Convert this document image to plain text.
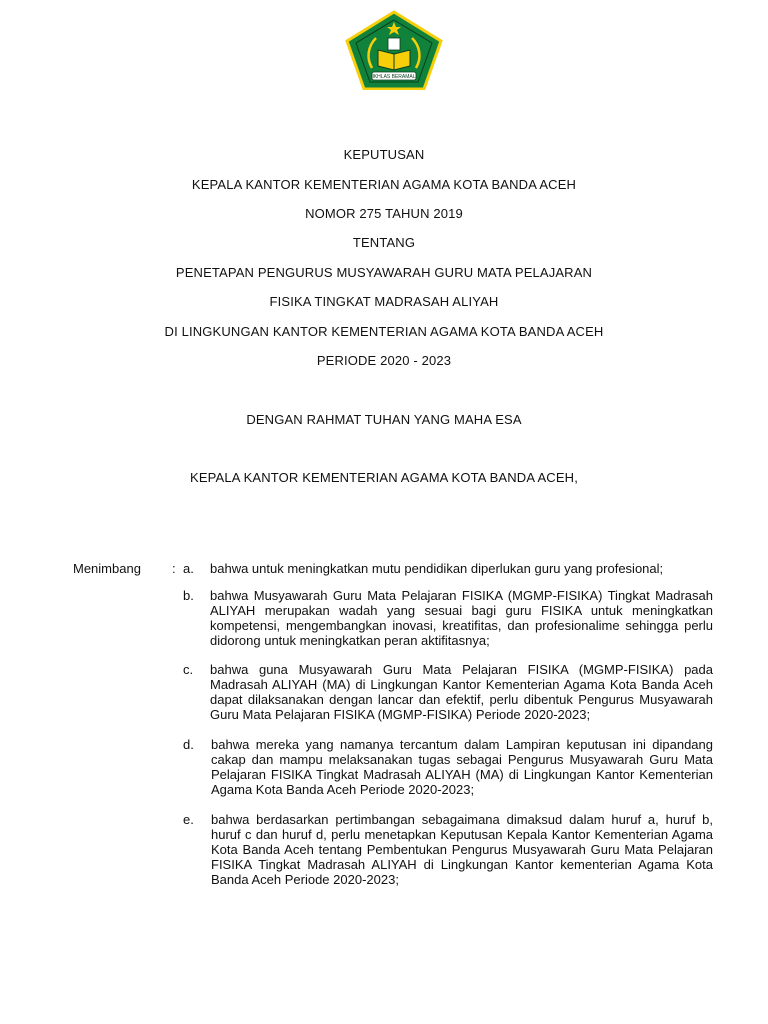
IKHLAS BERAMAL
KEPUTUSAN
KEPALA KANTOR KEMENTERIAN AGAMA KOTA BANDA ACEH
NOMOR 275 TAHUN 2019
TENTANG
PENETAPAN PENGURUS MUSYAWARAH GURU MATA PELAJARAN
FISIKA TINGKAT MADRASAH ALIYAH
DI LINGKUNGAN KANTOR KEMENTERIAN AGAMA KOTA BANDA ACEH
PERIODE 2020 - 2023
DENGAN RAHMAT TUHAN YANG MAHA ESA
KEPALA KANTOR KEMENTERIAN AGAMA KOTA BANDA ACEH,
Menimbang : a. bahwa untuk meningkatkan mutu pendidikan diperlukan guru yang profesional;
b. bahwa Musyawarah Guru Mata Pelajaran FISIKA (MGMP-FISIKA) Tingkat Madrasah ALIYAH merupakan wadah yang sesuai bagi guru FISIKA untuk meningkatkan kompetensi, mengembangkan inovasi, kreatifitas, dan profesionalime sehingga perlu didorong untuk meningkatkan peran aktifitasnya;
c. bahwa guna Musyawarah Guru Mata Pelajaran FISIKA (MGMP-FISIKA) pada Madrasah ALIYAH (MA) di Lingkungan Kantor Kementerian Agama Kota Banda Aceh dapat dilaksanakan dengan lancar dan efektif, perlu dibentuk Pengurus Musyawarah Guru Mata Pelajaran FISIKA (MGMP-FISIKA) Periode 2020-2023;
d. bahwa mereka yang namanya tercantum dalam Lampiran keputusan ini dipandang cakap dan mampu melaksanakan tugas sebagai Pengurus Musyawarah Guru Mata Pelajaran FISIKA Tingkat Madrasah ALIYAH (MA) di Lingkungan Kantor Kementerian Agama Kota Banda Aceh Periode 2020-2023;
e. bahwa berdasarkan pertimbangan sebagaimana dimaksud dalam huruf a, huruf b, huruf c dan huruf d, perlu menetapkan Keputusan Kepala Kantor Kementerian Agama Kota Banda Aceh tentang Pembentukan Pengurus Musyawarah Guru Mata Pelajaran FISIKA Tingkat Madrasah ALIYAH di Lingkungan Kantor kementerian Agama Kota Banda Aceh Periode 2020-2023;
